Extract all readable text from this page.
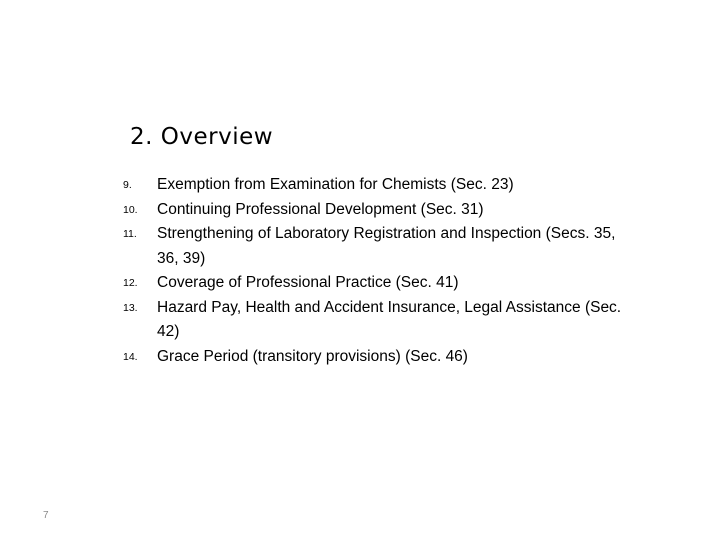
2. Overview
9.	Exemption from Examination for Chemists (Sec. 23)
10.	Continuing Professional Development (Sec. 31)
11.	Strengthening of Laboratory Registration and Inspection (Secs. 35, 36, 39)
12.	Coverage of Professional Practice (Sec. 41)
13.	Hazard Pay, Health and Accident Insurance, Legal Assistance (Sec. 42)
14.	Grace Period (transitory provisions) (Sec. 46)
7
